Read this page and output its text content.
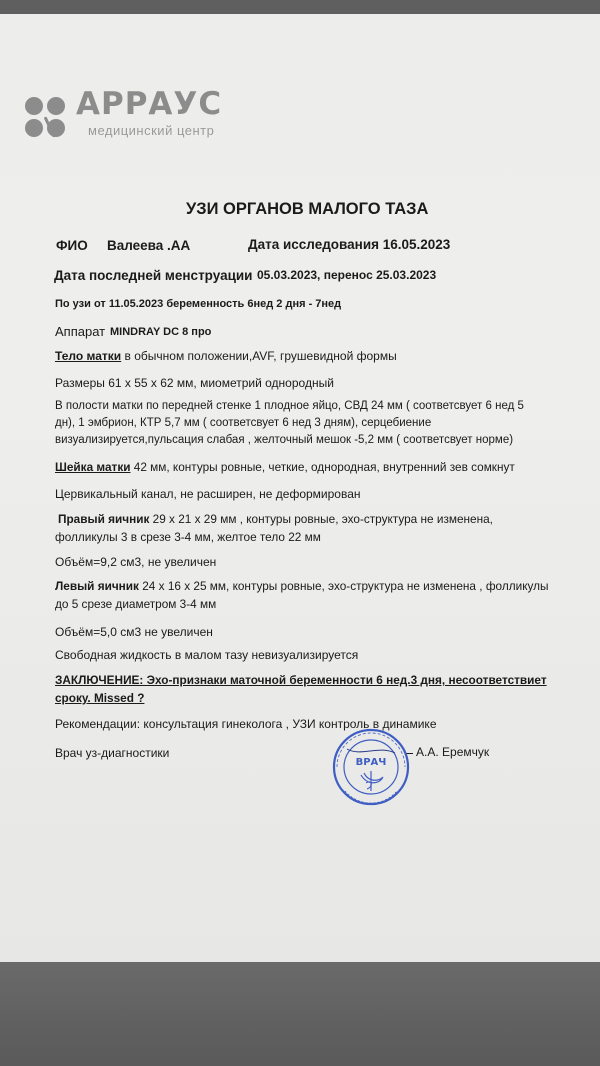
АРРАУС
медицинский центр
УЗИ ОРГАНОВ МАЛОГО ТАЗА
ФИО Валеева .АА	Дата исследования 16.05.2023
Дата последней менструации 05.03.2023, перенос 25.03.2023
По узи от 11.05.2023 беременность 6нед 2 дня - 7нед
Аппарат MINDRAY DC 8 про
Тело матки в обычном положении,AVF, грушевидной формы
Размеры 61 x 55 x 62 мм, миометрий однородный
В полости матки по передней стенке 1 плодное яйцо, СВД 24 мм ( соответсвует 6 нед 5
дн), 1 эмбрион, КТР 5,7 мм ( соответсвует 6 нед 3 дням), серцебиение
визуализируется,пульсация слабая , желточный мешок -5,2 мм ( соответсвует норме)
Шейка матки 42 мм, контуры ровные, четкие, однородная, внутренний зев сомкнут
Цервикальный канал, не расширен, не деформирован
Правый яичник 29 x 21 x 29 мм , контуры ровные, эхо-структура не изменена,
фолликулы 3 в срезе 3-4 мм, желтое тело 22 мм
Объём=9,2 см3, не увеличен
Левый яичник 24 x 16 x 25 мм, контуры ровные, эхо-структура не изменена , фолликулы
до 5 срезе диаметром 3-4 мм
Объём=5,0 см3 не увеличен
Свободная жидкость в малом тазу невизуализируется
ЗАКЛЮЧЕНИЕ: Эхо-признаки маточной беременности 6 нед.3 дня, несоответствиет
сроку. Missed ?
Рекомендации: консультация гинеколога , УЗИ контроль в динамике
Врач уз-диагностики	А.А. Еремчук
ВРАЧ
